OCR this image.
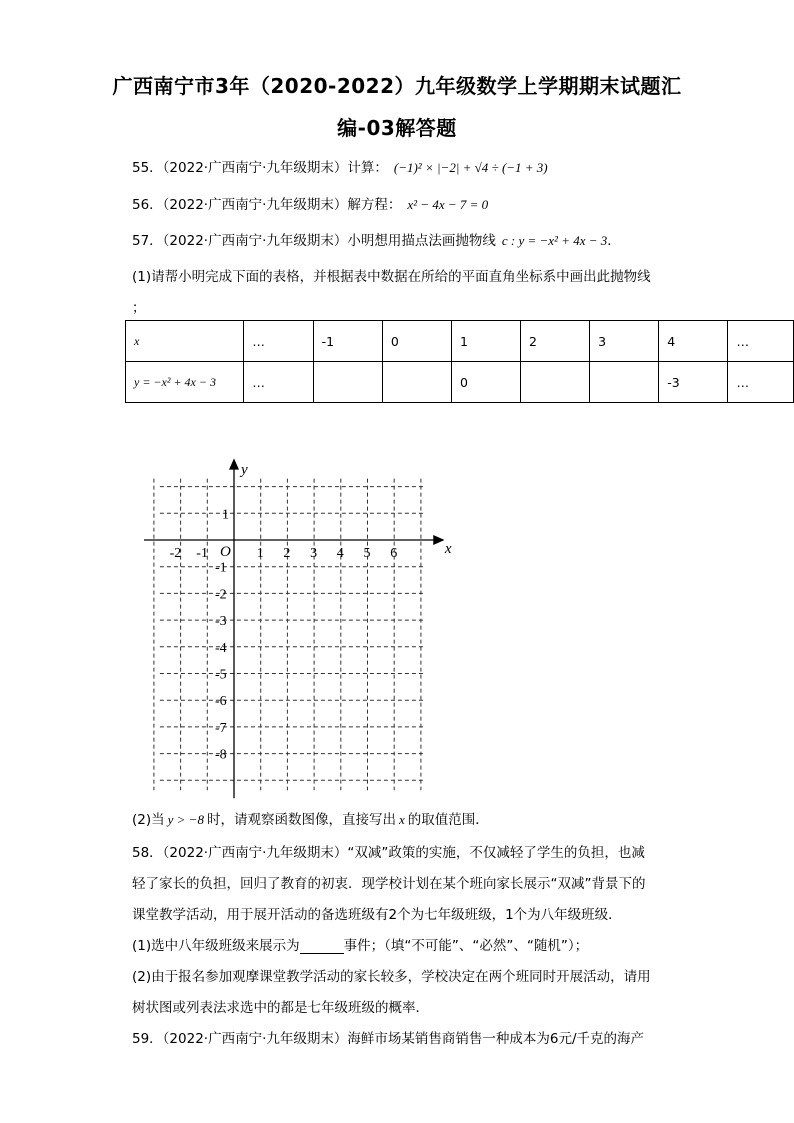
广西南宁市3年（2020-2022）九年级数学上学期期末试题汇
编-03解答题
55．（2022·广西南宁·九年级期末）计算： (−1)² × |−2| + √4 ÷ (−1 + 3)
56．（2022·广西南宁·九年级期末）解方程： x² − 4x − 7 = 0
57．（2022·广西南宁·九年级期末）小明想用描点法画抛物线 c : y = −x² + 4x − 3．
(1)请帮小明完成下面的表格，并根据表中数据在所给的平面直角坐标系中画出此抛物线
；
x	…	-1	0	1	2	3	4	…
y = −x² + 4x − 3	…			0			-3	…
y
x
O
-2 -1	1 2 3 4 5 6
1
-1
-2
-3
-4
-5
-6
-7
-8
(2)当 y > −8 时，请观察函数图像，直接写出 x 的取值范围．
58．（2022·广西南宁·九年级期末）“双减”政策的实施，不仅减轻了学生的负担，也减
轻了家长的负担，回归了教育的初衷．现学校计划在某个班向家长展示“双减”背景下的
课堂教学活动，用于展开活动的备选班级有2个为七年级班级，1个为八年级班级．
(1)选中八年级班级来展示为	事件；（填“不可能”、“必然”、“随机”）；
(2)由于报名参加观摩课堂教学活动的家长较多，学校决定在两个班同时开展活动，请用
树状图或列表法求选中的都是七年级班级的概率．
59．（2022·广西南宁·九年级期末）海鲜市场某销售商销售一种成本为6元/千克的海产
